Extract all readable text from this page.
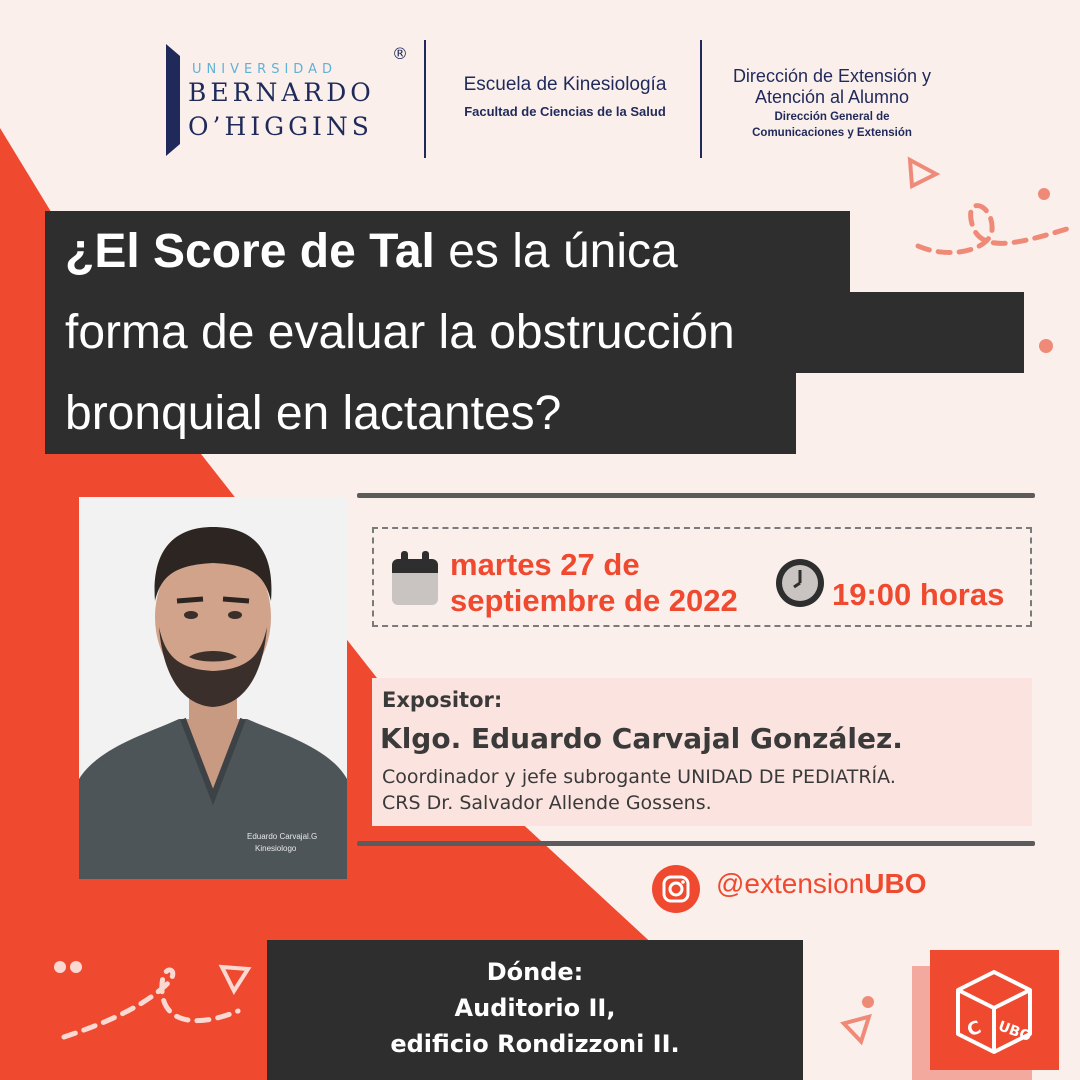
UNIVERSIDAD
BERNARDO
O’HIGGINS
®
Escuela de Kinesiología
Facultad de Ciencias de la Salud
Dirección de Extensión y
Atención al Alumno
Dirección General de
Comunicaciones y Extensión
¿El Score de Tal es la única
forma de evaluar la obstrucción
bronquial en lactantes?
Eduardo Carvajal.G
Kinesiologo
martes 27 de
septiembre de 2022	19:00 horas
Expositor:
Klgo. Eduardo Carvajal González.
Coordinador y jefe subrogante UNIDAD DE PEDIATRÍA.
CRS Dr. Salvador Allende Gossens.
@extensionUBO
Dónde:
Auditorio II,
edificio Rondizzoni II.
C UBO
